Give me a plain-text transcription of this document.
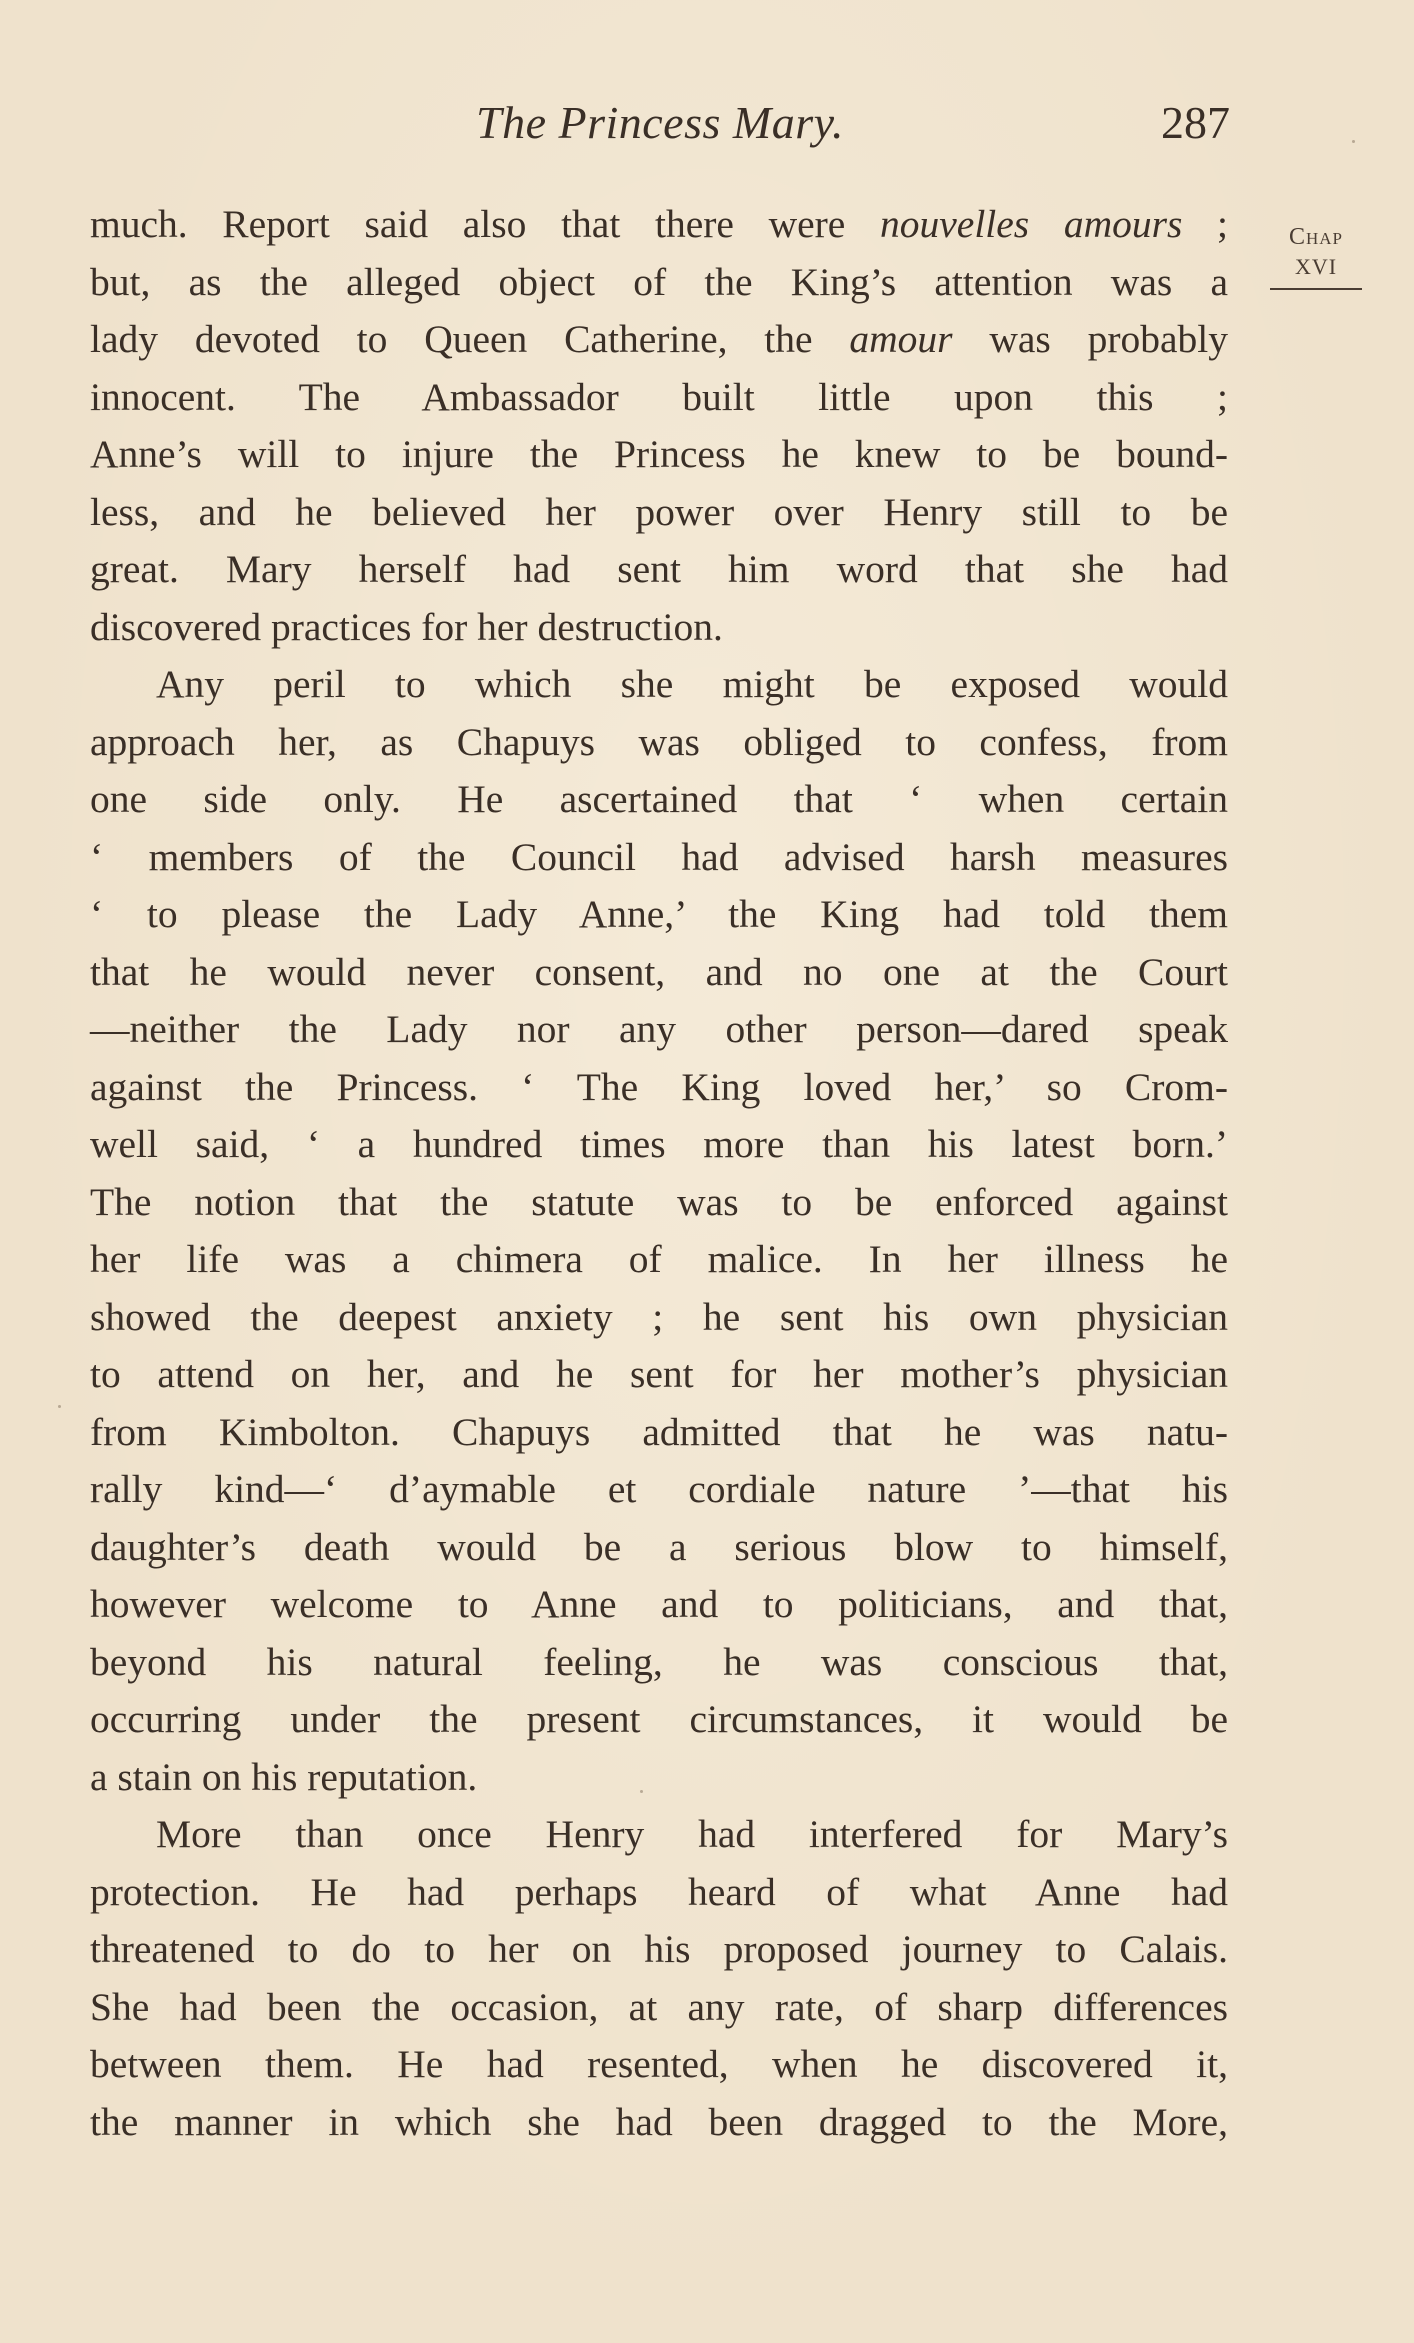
The Princess Mary.	287
Chap
XVI
much. Report said also that there were nouvelles amours ;
but, as the alleged object of the King’s attention was a
lady devoted to Queen Catherine, the amour was probably
innocent. The Ambassador built little upon this ;
Anne’s will to injure the Princess he knew to be bound-
less, and he believed her power over Henry still to be
great. Mary herself had sent him word that she had
discovered practices for her destruction.
Any peril to which she might be exposed would
approach her, as Chapuys was obliged to confess, from
one side only. He ascertained that ‘ when certain
‘ members of the Council had advised harsh measures
‘ to please the Lady Anne,’ the King had told them
that he would never consent, and no one at the Court
—neither the Lady nor any other person—dared speak
against the Princess. ‘ The King loved her,’ so Crom-
well said, ‘ a hundred times more than his latest born.’
The notion that the statute was to be enforced against
her life was a chimera of malice. In her illness he
showed the deepest anxiety ; he sent his own physician
to attend on her, and he sent for her mother’s physician
from Kimbolton. Chapuys admitted that he was natu-
rally kind—‘ d’aymable et cordiale nature ’—that his
daughter’s death would be a serious blow to himself,
however welcome to Anne and to politicians, and that,
beyond his natural feeling, he was conscious that,
occurring under the present circumstances, it would be
a stain on his reputation.
More than once Henry had interfered for Mary’s
protection. He had perhaps heard of what Anne had
threatened to do to her on his proposed journey to Calais.
She had been the occasion, at any rate, of sharp differences
between them. He had resented, when he discovered it,
the manner in which she had been dragged to the More,
